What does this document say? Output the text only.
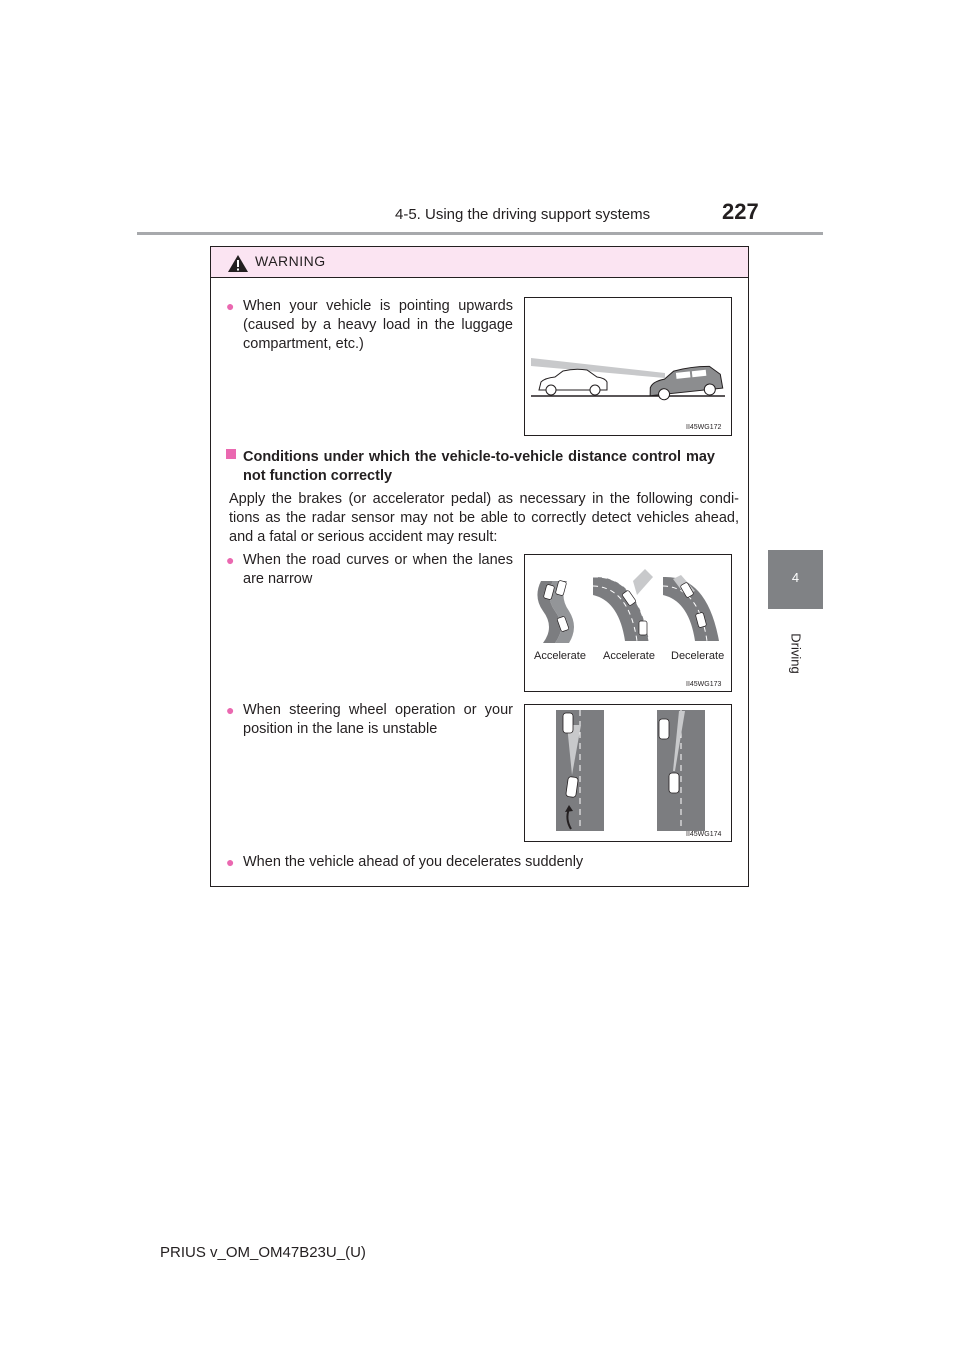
4-5. Using the driving support systems	227
4
Driving
WARNING
● When your vehicle is pointing upwards (caused by a heavy load in the luggage compartment, etc.)
II45WG172
Conditions under which the vehicle-to-vehicle distance control may not function correctly
Apply the brakes (or accelerator pedal) as necessary in the following condi-tions as the radar sensor may not be able to correctly detect vehicles ahead, and a fatal or serious accident may result:
● When the road curves or when the lanes are narrow
Accelerate Accelerate Decelerate
II45WG173
● When steering wheel operation or your position in the lane is unstable
II45WG174
● When the vehicle ahead of you decelerates suddenly
PRIUS v_OM_OM47B23U_(U)
